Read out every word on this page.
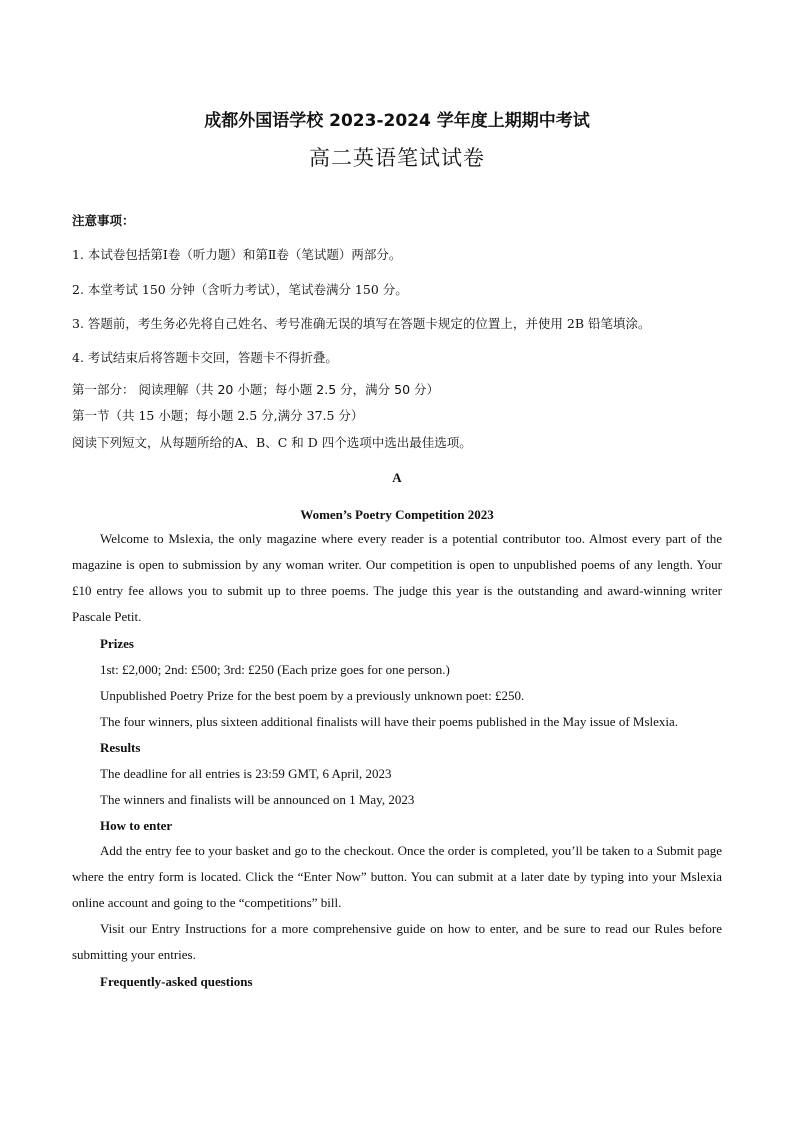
成都外国语学校 2023-2024 学年度上期期中考试
高二英语笔试试卷
注意事项：
1. 本试卷包括第Ⅰ卷（听力题）和第Ⅱ卷（笔试题）两部分。
2. 本堂考试 150 分钟（含听力考试），笔试卷满分 150 分。
3. 答题前，考生务必先将自己姓名、考号准确无误的填写在答题卡规定的位置上，并使用 2B 铅笔填涂。
4. 考试结束后将答题卡交回，答题卡不得折叠。
第一部分： 阅读理解（共 20 小题；每小题 2.5 分，满分 50 分）
第一节（共 15 小题；每小题 2.5 分,满分 37.5 分）
阅读下列短文，从每题所给的A、B、C 和 D 四个选项中选出最佳选项。
A
Women’s Poetry Competition 2023

Welcome to Mslexia, the only magazine where every reader is a potential contributor too. Almost every part of the magazine is open to submission by any woman writer. Our competition is open to unpublished poems of any length. Your £10 entry fee allows you to submit up to three poems. The judge this year is the outstanding and award-winning writer Pascale Petit.

Prizes
1st: £2,000; 2nd: £500; 3rd: £250 (Each prize goes for one person.)
Unpublished Poetry Prize for the best poem by a previously unknown poet: £250.
The four winners, plus sixteen additional finalists will have their poems published in the May issue of Mslexia.
Results
The deadline for all entries is 23:59 GMT, 6 April, 2023
The winners and finalists will be announced on 1 May, 2023
How to enter

Add the entry fee to your basket and go to the checkout. Once the order is completed, you’ll be taken to a Submit page where the entry form is located. Click the “Enter Now” button. You can submit at a later date by typing into your Mslexia online account and going to the “competitions” bill.

Visit our Entry Instructions for a more comprehensive guide on how to enter, and be sure to read our Rules before submitting your entries.

Frequently-asked questions
